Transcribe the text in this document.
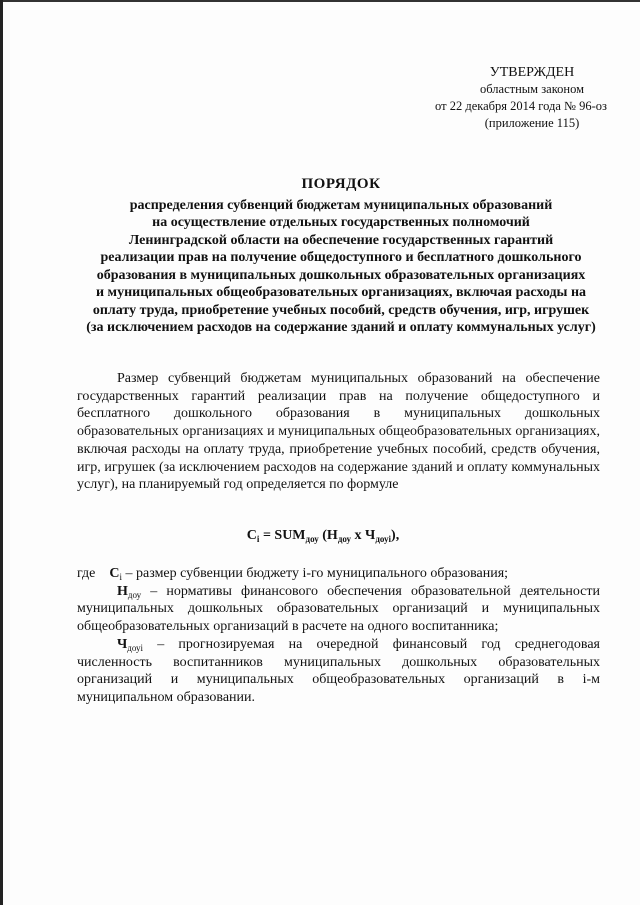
УТВЕРЖДЕН
областным законом
от 22 декабря 2014 года № 96-оз
(приложение 115)
ПОРЯДОК
распределения субвенций бюджетам муниципальных образований
на осуществление отдельных государственных полномочий
Ленинградской области на обеспечение государственных гарантий
реализации прав на получение общедоступного и бесплатного дошкольного
образования в муниципальных дошкольных образовательных организациях
и муниципальных общеобразовательных организациях, включая расходы на
оплату труда, приобретение учебных пособий, средств обучения, игр, игрушек
(за исключением расходов на содержание зданий и оплату коммунальных услуг)

Размер субвенций бюджетам муниципальных образований на обеспечение государственных гарантий реализации прав на получение общедоступного и бесплатного дошкольного образования в муниципальных дошкольных образовательных организациях и муниципальных общеобразовательных организациях, включая расходы на оплату труда, приобретение учебных пособий, средств обучения, игр, игрушек (за исключением расходов на содержание зданий и оплату коммунальных услуг), на планируемый год определяется по формуле

$C_i = SUM_{доу}$ ($Н_{доу}$ х $Ч_{доуi}$),

где $C_i$ – размер субвенции бюджету i-го муниципального образования;

$Н_{доу}$ – нормативы финансового обеспечения образовательной деятельности муниципальных дошкольных образовательных организаций и муниципальных общеобразовательных организаций в расчете на одного воспитанника;

$Ч_{доуi}$ – прогнозируемая на очередной финансовый год среднегодовая численность воспитанников муниципальных дошкольных образовательных организаций и муниципальных общеобразовательных организаций в i-м муниципальном образовании.
